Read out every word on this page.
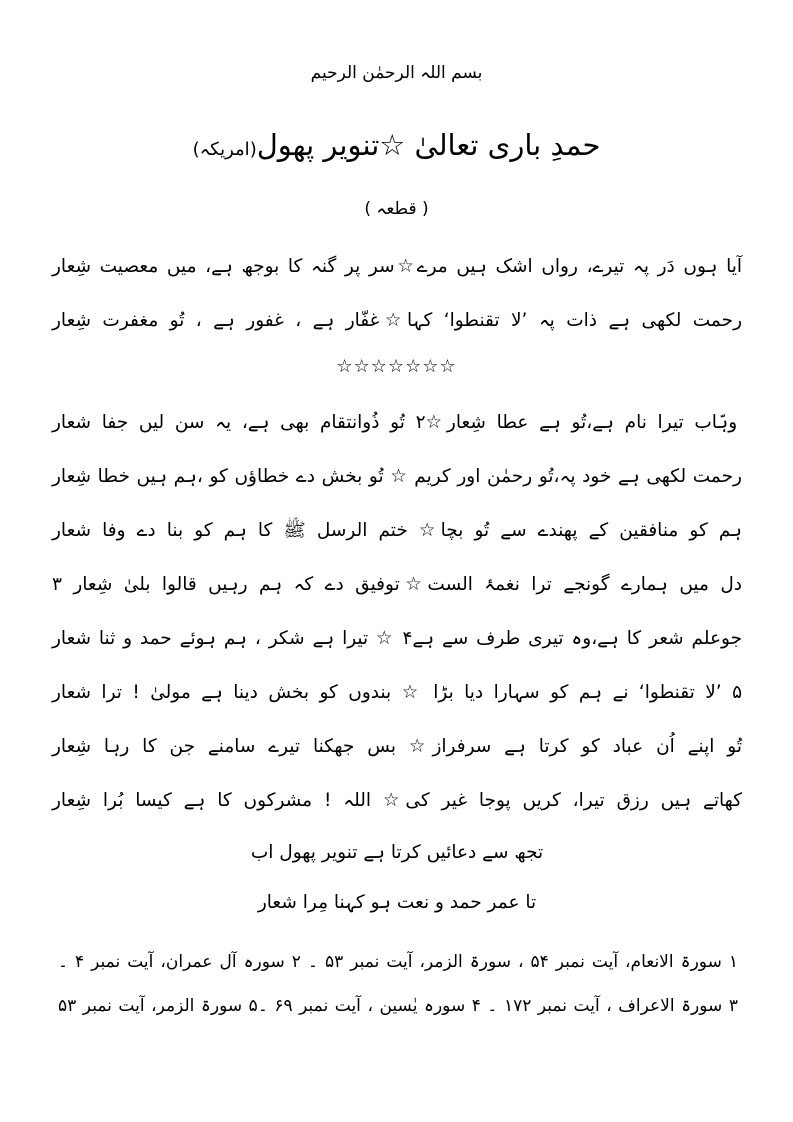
بسم اللہ الرحمٰن الرحیم
حمدِ باری تعالیٰ ☆تنویر پھول(امریکہ)
( قطعہ )
آیا ہوں دَر پہ تیرے، رواں اشک ہیں مرے☆سر پر گنہ کا بوجھ ہے، میں معصیت شِعار
رحمت لکھی ہے ذات پہ ’لا تقنطوا‘ کہا☆غفّار ہے ، غفور ہے ، تُو مغفرت شِعار
☆☆☆☆☆☆☆
وہّاب تیرا نام ہے،تُو ہے عطا شِعار☆۲ تُو ذُوانتقام بھی ہے، یہ سن لیں جفا شعار
رحمت لکھی ہے خود پہ،تُو رحمٰن اور کریم ☆ تُو بخش دے خطاؤں کو ،ہم ہیں خطا شِعار
ہم کو منافقین کے پھندے سے تُو بچا☆ ختم الرسل ﷺ کا ہم کو بنا دے وفا شعار
دل میں ہمارے گونجے ترا نغمۂ الست☆توفیق دے کہ ہم رہیں قالوا بلیٰ شِعار ۳
جوعلم شعر کا ہے،وہ تیری طرف سے ہے۴ ☆ تیرا ہے شکر ، ہم ہوئے حمد و ثنا شعار
۵ ’لا تقنطوا‘ نے ہم کو سہارا دیا بڑا ☆ بندوں کو بخش دینا ہے مولیٰ ! ترا شعار
تُو اپنے اُن عباد کو کرتا ہے سرفراز☆ بس جھکنا تیرے سامنے جن کا رہا شِعار
کھاتے ہیں رزق تیرا، کریں پوجا غیر کی☆ اللہ ! مشرکوں کا ہے کیسا بُرا شِعار
تجھ سے دعائیں کرتا ہے تنویر پھول اب
تا عمر حمد و نعت ہو کہنا مِرا شعار
۱ سورۃ الانعام، آیت نمبر ۵۴ ، سورۃ الزمر، آیت نمبر ۵۳ ۔ ۲ سورہ آل عمران، آیت نمبر ۴ ۔
۳ سورۃ الاعراف ، آیت نمبر ۱۷۲ ۔ ۴ سورہ یٰسین ، آیت نمبر ۶۹ ۔۵ سورۃ الزمر، آیت نمبر ۵۳
